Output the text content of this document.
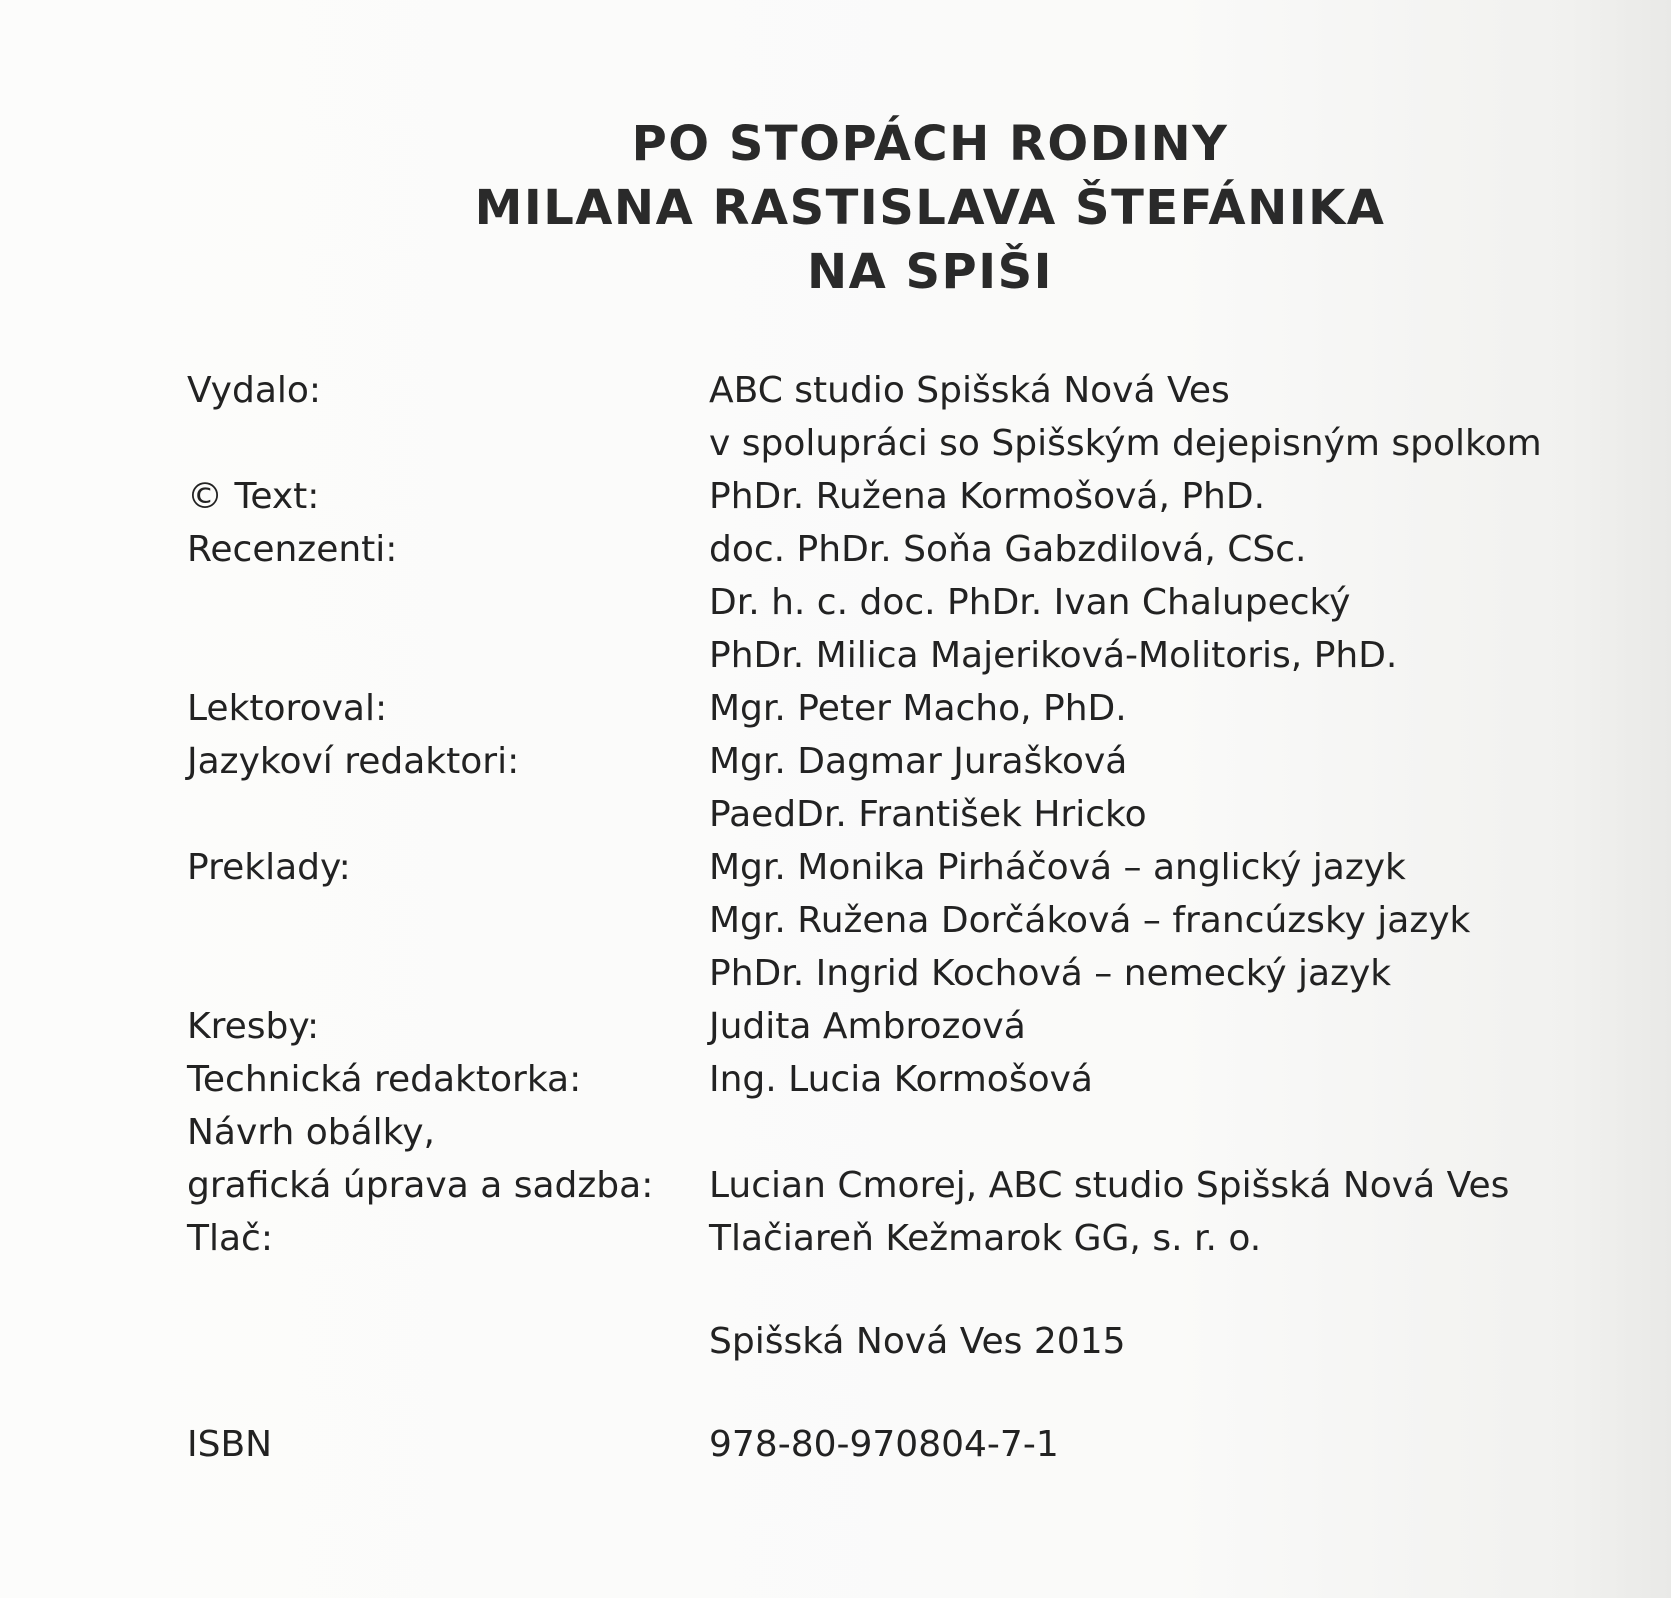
PO STOPÁCH RODINY
MILANA RASTISLAVA ŠTEFÁNIKA
NA SPIŠI
Vydalo:	ABC studio Spišská Nová Ves
v spolupráci so Spišským dejepisným spolkom
© Text:	PhDr. Ružena Kormošová, PhD.
Recenzenti:	doc. PhDr. Soňa Gabzdilová, CSc.
Dr. h. c. doc. PhDr. Ivan Chalupecký
PhDr. Milica Majeriková-Molitoris, PhD.
Lektoroval:	Mgr. Peter Macho, PhD.
Jazykoví redaktori:	Mgr. Dagmar Jurašková
PaedDr. František Hricko
Preklady:	Mgr. Monika Pirháčová – anglický jazyk
Mgr. Ružena Dorčáková – francúzsky jazyk
PhDr. Ingrid Kochová – nemecký jazyk
Kresby:	Judita Ambrozová
Technická redaktorka:	Ing. Lucia Kormošová
Návrh obálky,
grafická úprava a sadzba:	Lucian Cmorej, ABC studio Spišská Nová Ves
Tlač:	Tlačiareň Kežmarok GG, s. r. o.
Spišská Nová Ves 2015
ISBN	978-80-970804-7-1
